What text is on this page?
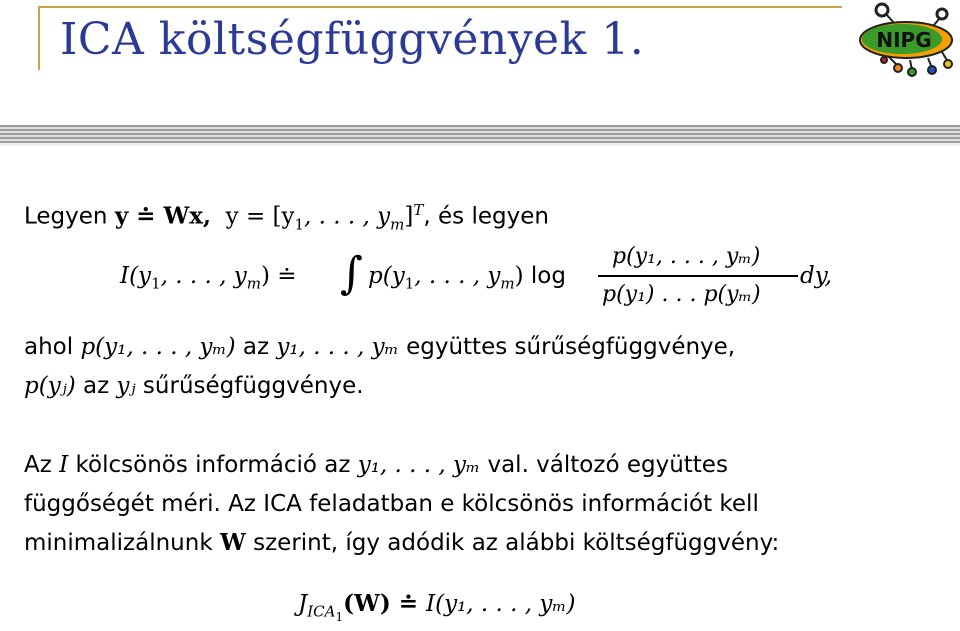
ICA költségfüggvények 1.	NIPG
Legyen y ≐ Wx, $y = [y_1$, . . . , $y_m]^T$, és legyen
$I(y_1$, . . . , $y_m$) ≐ ∫ $p(y_1$, . . . , $y_m$) log
p(y₁, . . . , yₘ)
p(y₁) . . . p(yₘ)
dy,
ahol p(y₁, . . . , yₘ) az y₁, . . . , yₘ együttes sűrűségfüggvénye,
p(yⱼ) az yⱼ sűrűségfüggvénye.
Az I kölcsönös információ az y₁, . . . , yₘ val. változó együttes
függőségét méri. Az ICA feladatban e kölcsönös információt kell
minimalizálnunk W szerint, így adódik az alábbi költségfüggvény:
$J_{ICA1}(W)$ ≐ I(y₁, . . . , yₘ)
